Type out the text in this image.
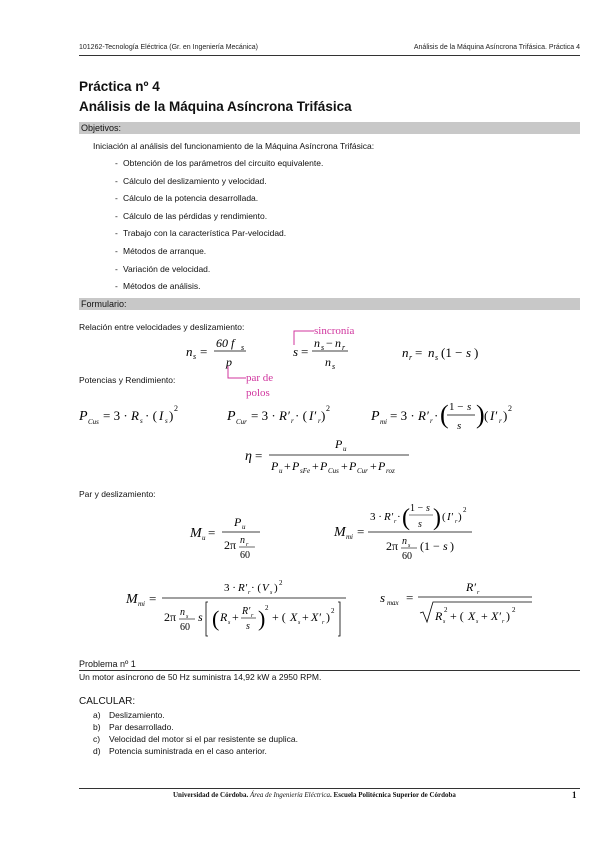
101262-Tecnología Eléctrica (Gr. en Ingeniería Mecánica)	Análisis de la Máquina Asíncrona Trifásica. Práctica 4
Práctica nº 4
Análisis de la Máquina Asíncrona Trifásica
Objetivos:
Iniciación al análisis del funcionamiento de la Máquina Asíncrona Trifásica:
- Obtención de los parámetros del circuito equivalente.
- Cálculo del deslizamiento y velocidad.
- Cálculo de la potencia desarrollada.
- Cálculo de las pérdidas y rendimiento.
- Trabajo con la característica Par-velocidad.
- Métodos de arranque.
- Variación de velocidad.
- Métodos de análisis.
Formulario:
Relación entre velocidades y deslizamiento:
n s =
60 f s
p
s =
n s − n r
n s
n r = n s (1 − s )
sincronía
Potencias y Rendimiento:	par de
polos
P Cus = 3 · R s · ( I s ) 2
P Cur = 3 · R′ r · ( I′ r ) 2
P mi = 3 · R′ r · ( 1 − s
s ) ( I′ r ) 2
η =
P u
P u + P sFe + P Cus + P Cur + P roz
Par y deslizamiento:
M u =
P u
2π n r
60
M mi =
3 · R′ r · ( 1 − s
s ) ( I′ r )
2
2π n s
60
(1 − s )
M mi =
3 · R′ r · ( V s ) 2
2π n s
60
s ( R s + R′ r
s ) 2
+ ( X s + X′ r ) 2
s max =
R′ r
R s
2 + ( X s + X′ r ) 2
Problema nº 1
Un motor asíncrono de 50 Hz suministra 14,92 kW a 2950 RPM.
CALCULAR:
a) Deslizamiento.
b) Par desarrollado.
c) Velocidad del motor si el par resistente se duplica.
d) Potencia suministrada en el caso anterior.
Universidad de Córdoba. Área de Ingeniería Eléctrica. Escuela Politécnica Superior de Córdoba	1
